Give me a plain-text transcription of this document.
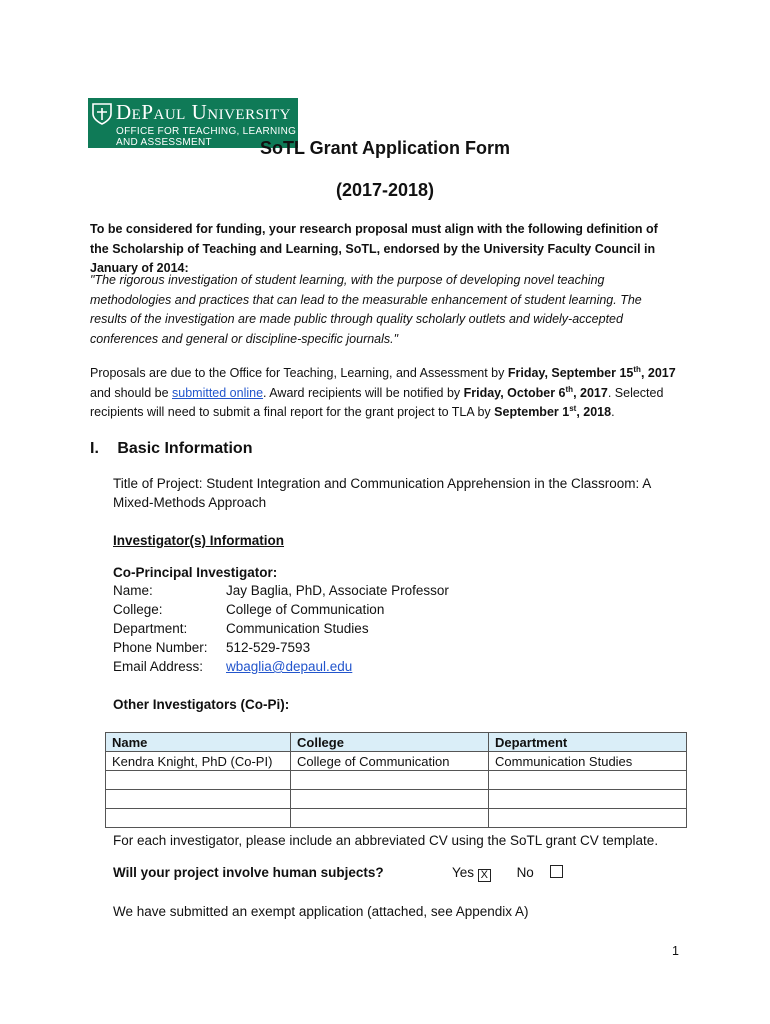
DePaul University
OFFICE FOR TEACHING, LEARNING
AND ASSESSMENT	SoTL Grant Application Form
(2017-2018)
To be considered for funding, your research proposal must align with the following definition of the Scholarship of Teaching and Learning, SoTL, endorsed by the University Faculty Council in January of 2014:
"The rigorous investigation of student learning, with the purpose of developing novel teaching methodologies and practices that can lead to the measurable enhancement of student learning. The results of the investigation are made public through quality scholarly outlets and widely-accepted conferences and general or discipline-specific journals."
Proposals are due to the Office for Teaching, Learning, and Assessment by Friday, September 15th, 2017 and should be submitted online. Award recipients will be notified by Friday, October 6th, 2017. Selected recipients will need to submit a final report for the grant project to TLA by September 1st, 2018.
I. Basic Information
Title of Project: Student Integration and Communication Apprehension in the Classroom: A Mixed-Methods Approach
Investigator(s) Information
Co-Principal Investigator:
Name:	Jay Baglia, PhD, Associate Professor
College:	College of Communication
Department:	Communication Studies
Phone Number: 512-529-7593
Email Address: wbaglia@depaul.edu
Other Investigators (Co-Pi):
Name	College	Department
Kendra Knight, PhD (Co-PI)	College of Communication	Communication Studies

For each investigator, please include an abbreviated CV using the SoTL grant CV template.
Will your project involve human subjects?	Yes X No
We have submitted an exempt application (attached, see Appendix A)
1
